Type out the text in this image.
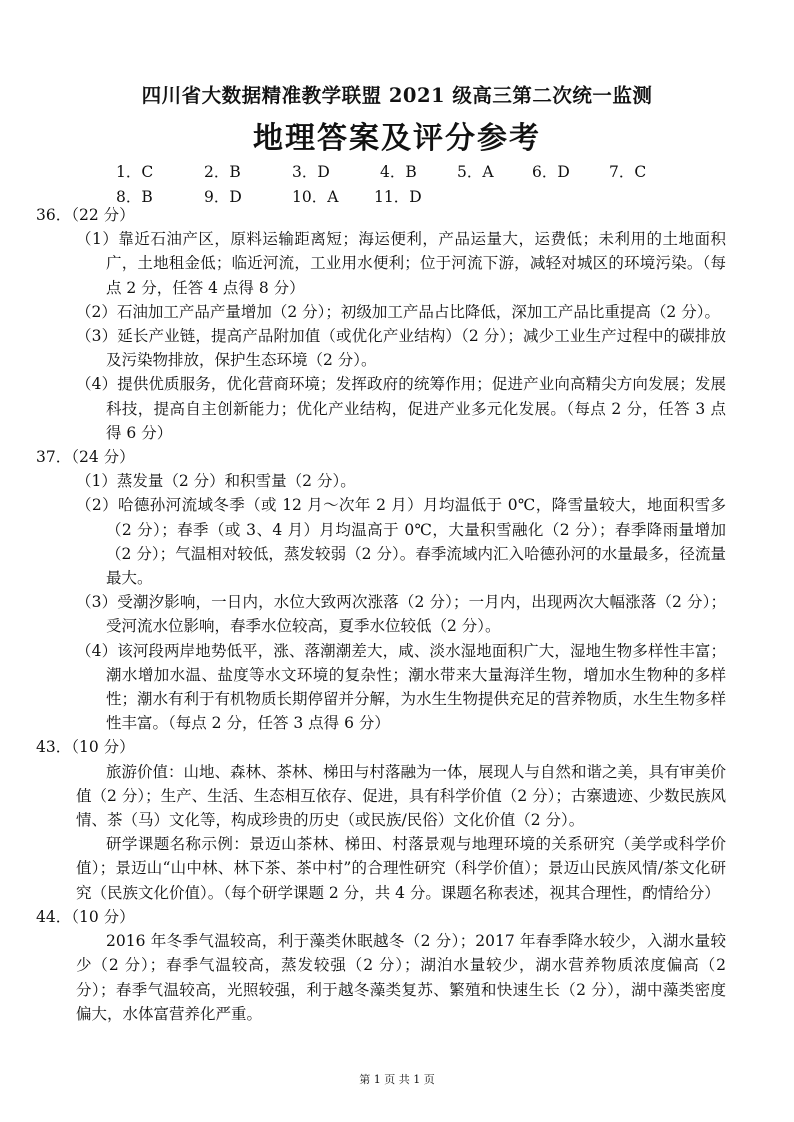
四川省大数据精准教学联盟 2021 级高三第二次统一监测
地理答案及评分参考
1．C	2．B	3．D	4．B	5．A 6．D	7．C
8．B	9．D	10．A 11．D

36．（22 分）

（1）靠近石油产区，原料运输距离短；海运便利，产品运量大，运费低；未利用的土地面积广，土地租金低；临近河流，工业用水便利；位于河流下游，减轻对城区的环境污染。（每点 2 分，任答 4 点得 8 分）

（2）石油加工产品产量增加（2 分）；初级加工产品占比降低，深加工产品比重提高（2 分）。

（3）延长产业链，提高产品附加值（或优化产业结构）（2 分）；减少工业生产过程中的碳排放及污染物排放，保护生态环境（2 分）。

（4）提供优质服务，优化营商环境；发挥政府的统筹作用；促进产业向高精尖方向发展；发展科技，提高自主创新能力；优化产业结构，促进产业多元化发展。（每点 2 分，任答 3 点得 6 分）

37．（24 分）

（1）蒸发量（2 分）和积雪量（2 分）。

（2）哈德孙河流域冬季（或 12 月～次年 2 月）月均温低于 0℃，降雪量较大，地面积雪多（2 分）；春季（或 3、4 月）月均温高于 0℃，大量积雪融化（2 分）；春季降雨量增加（2 分）；气温相对较低，蒸发较弱（2 分）。春季流域内汇入哈德孙河的水量最多，径流量最大。

（3）受潮汐影响，一日内，水位大致两次涨落（2 分）；一月内，出现两次大幅涨落（2 分）；受河流水位影响，春季水位较高，夏季水位较低（2 分）。

（4）该河段两岸地势低平，涨、落潮潮差大，咸、淡水湿地面积广大，湿地生物多样性丰富；潮水增加水温、盐度等水文环境的复杂性；潮水带来大量海洋生物，增加水生物种的多样性；潮水有利于有机物质长期停留并分解，为水生生物提供充足的营养物质，水生生物多样性丰富。（每点 2 分，任答 3 点得 6 分）

43．（10 分）

旅游价值：山地、森林、茶林、梯田与村落融为一体，展现人与自然和谐之美，具有审美价值（2 分）；生产、生活、生态相互依存、促进，具有科学价值（2 分）；古寨遗迹、少数民族风情、茶（马）文化等，构成珍贵的历史（或民族/民俗）文化价值（2 分）。

研学课题名称示例：景迈山茶林、梯田、村落景观与地理环境的关系研究（美学或科学价值）；景迈山“山中林、林下茶、茶中村”的合理性研究（科学价值）；景迈山民族风情/茶文化研究（民族文化价值）。（每个研学课题 2 分，共 4 分。课题名称表述，视其合理性，酌情给分）

44．（10 分）

2016 年冬季气温较高，利于藻类休眠越冬（2 分）；2017 年春季降水较少，入湖水量较少（2 分）；春季气温较高，蒸发较强（2 分）；湖泊水量较少，湖水营养物质浓度偏高（2 分）；春季气温较高，光照较强，利于越冬藻类复苏、繁殖和快速生长（2 分），湖中藻类密度偏大，水体富营养化严重。

第 1 页 共 1 页
